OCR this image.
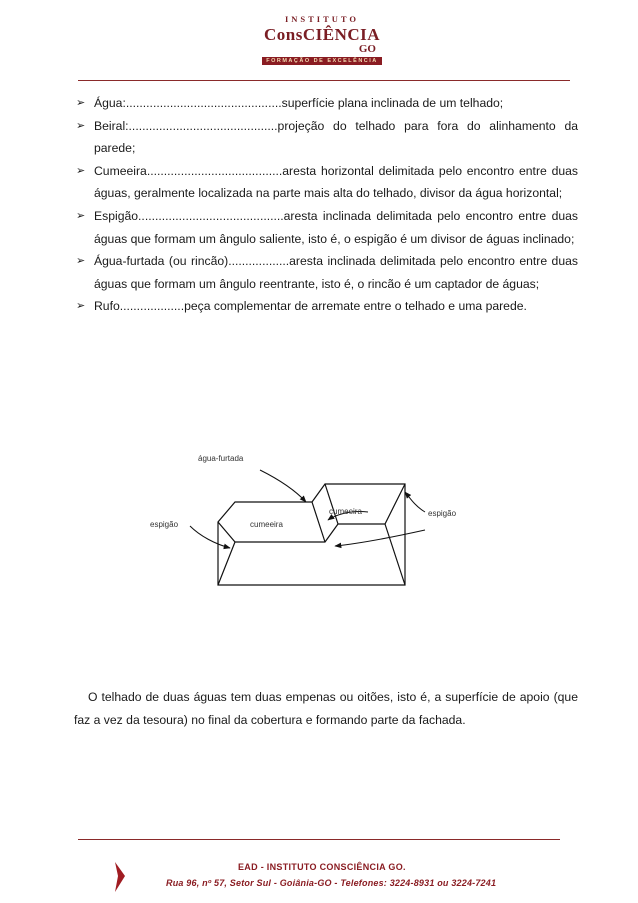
INSTITUTO
ConsCIÊNCIA
GO
FORMAÇÃO DE EXCELÊNCIA
➢
Água:..............................................superfície plana inclinada de um telhado;
➢
Beiral:............................................projeção do telhado para fora do alinhamento da parede;
➢
Cumeeira........................................aresta horizontal delimitada pelo encontro entre duas águas, geralmente localizada na parte mais alta do telhado, divisor da água horizontal;
➢
Espigão...........................................aresta inclinada delimitada pelo encontro entre duas águas que formam um ângulo saliente, isto é, o espigão é um divisor de águas inclinado;
➢
Água-furtada (ou rincão)..................aresta inclinada delimitada pelo encontro entre duas águas que formam um ângulo reentrante, isto é, o rincão é um captador de águas;
➢
Rufo...................peça complementar de arremate entre o telhado e uma parede.
água-furtada
cumeeira	espigão
espigão	cumeeira

O telhado de duas águas tem duas empenas ou oitões, isto é, a superfície de apoio (que faz a vez da tesoura) no final da cobertura e formando parte da fachada.

EAD - INSTITUTO CONSCIÊNCIA GO.
Rua 96, nº 57, Setor Sul - Goiânia-GO - Telefones: 3224-8931 ou 3224-7241
